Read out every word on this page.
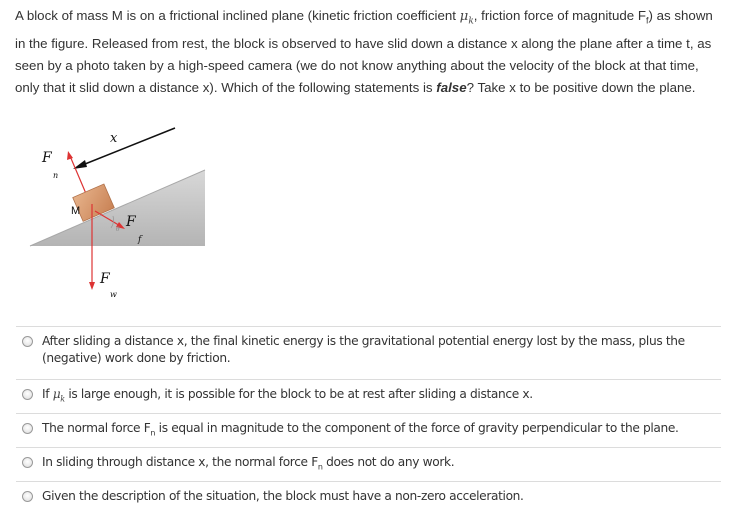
A block of mass M is on a frictional inclined plane (kinetic friction coefficient $\mu_k$, friction force of magnitude $F_f$) as shown in the figure. Released from rest, the block is observed to have slid down a distance x along the plane after a time t, as seen by a photo taken by a high-speed camera (we do not know anything about the velocity of the block at that time, only that it slid down a distance x). Which of the following statements is false? Take x to be positive down the plane.
x
F
n
M
F
f
θ
F
w
After sliding a distance x, the final kinetic energy is the gravitational potential energy lost by the mass, plus the (negative) work done by friction.
If $\mu_k$ is large enough, it is possible for the block to be at rest after sliding a distance x.
The normal force $F_n$ is equal in magnitude to the component of the force of gravity perpendicular to the plane.
In sliding through distance x, the normal force $F_n$ does not do any work.
Given the description of the situation, the block must have a non-zero acceleration.
